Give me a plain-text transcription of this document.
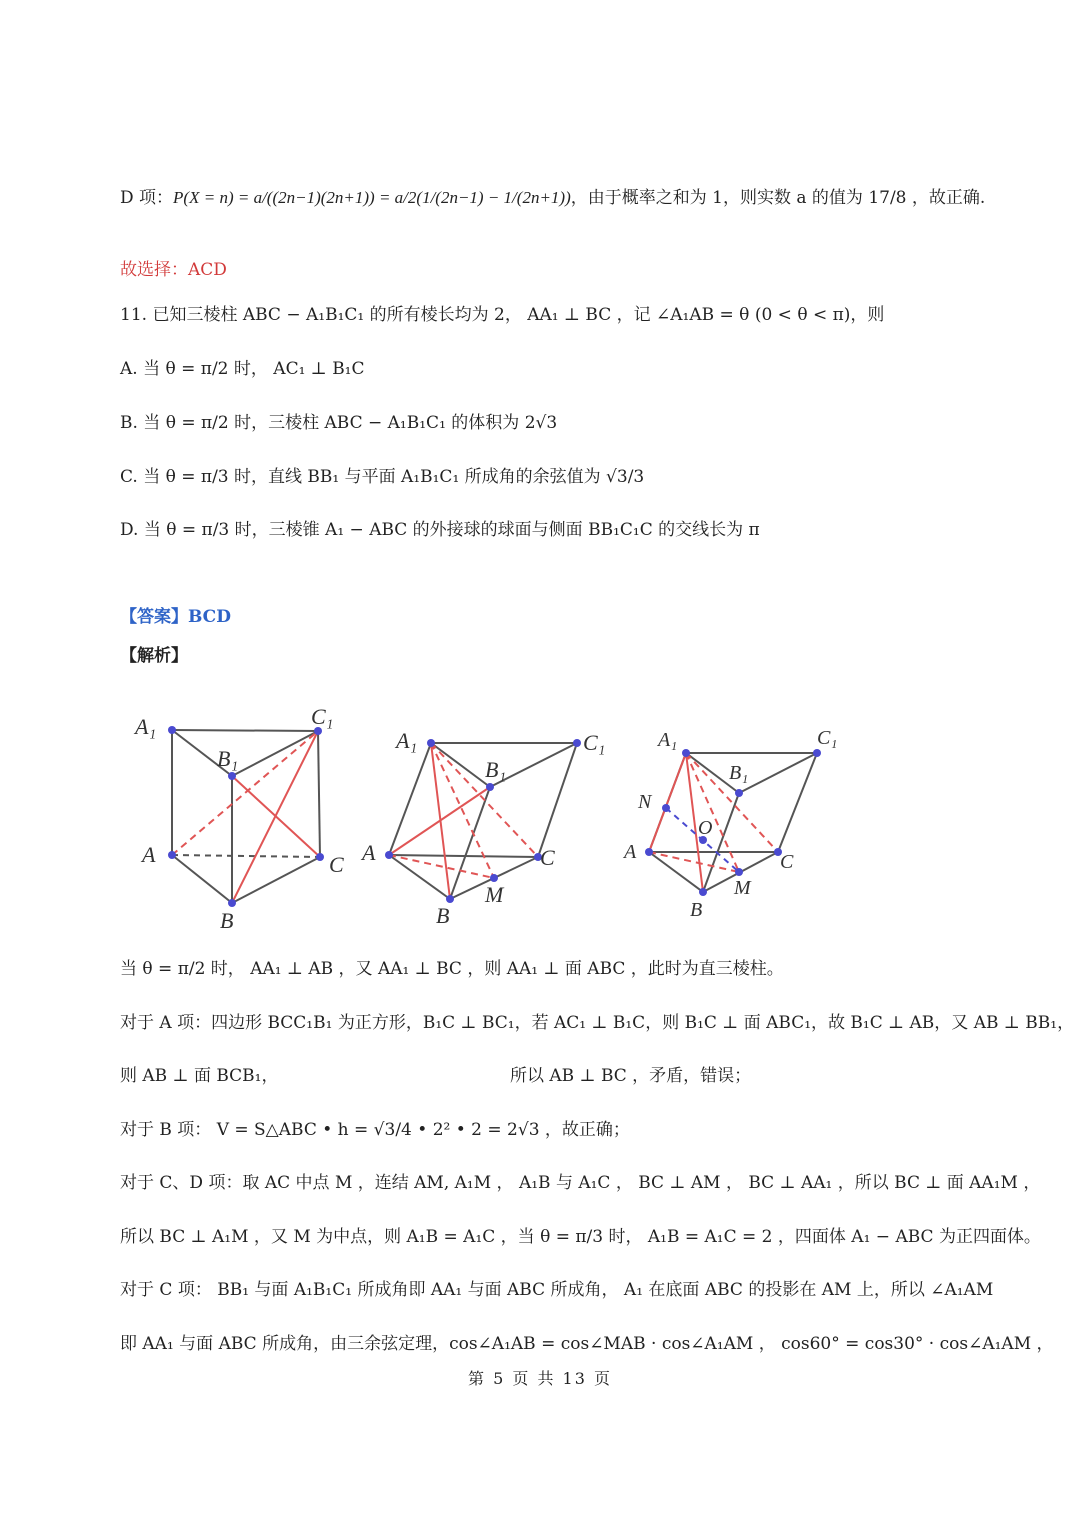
D 项：P(X = n) = a/((2n−1)(2n+1)) = a/2(1/(2n−1) − 1/(2n+1))，由于概率之和为 1，则实数 a 的值为 17/8 ，故正确.
故选择：ACD
11. 已知三棱柱 ABC − A₁B₁C₁ 的所有棱长均为 2， AA₁ ⊥ BC ，记 ∠A₁AB = θ (0 < θ < π)，则
A. 当 θ = π/2 时， AC₁ ⊥ B₁C
B. 当 θ = π/2 时，三棱柱 ABC − A₁B₁C₁ 的体积为 2√3
C. 当 θ = π/3 时，直线 BB₁ 与平面 A₁B₁C₁ 所成角的余弦值为 √3/3
D. 当 θ = π/3 时，三棱锥 A₁ − ABC 的外接球的球面与侧面 BB₁C₁C 的交线长为 π
【答案】BCD
【解析】
A₁	C₁
B₁
A	C
B
A₁	C₁
B₁
A	C
B
M
A₁	C₁
B₁
N
O
A	C
M
B
当 θ = π/2 时， AA₁ ⊥ AB ，又 AA₁ ⊥ BC ，则 AA₁ ⊥ 面 ABC ，此时为直三棱柱。
对于 A 项：四边形 BCC₁B₁ 为正方形，B₁C ⊥ BC₁，若 AC₁ ⊥ B₁C，则 B₁C ⊥ 面 ABC₁，故 B₁C ⊥ AB，又 AB ⊥ BB₁，
则 AB ⊥ 面 BCB₁，	所以 AB ⊥ BC ，矛盾，错误；
对于 B 项： V = S△ABC • h = √3/4 • 2² • 2 = 2√3 ，故正确；
对于 C、D 项：取 AC 中点 M ，连结 AM, A₁M ， A₁B 与 A₁C ， BC ⊥ AM ， BC ⊥ AA₁ ，所以 BC ⊥ 面 AA₁M ，
所以 BC ⊥ A₁M ，又 M 为中点，则 A₁B = A₁C ，当 θ = π/3 时， A₁B = A₁C = 2 ，四面体 A₁ − ABC 为正四面体。
对于 C 项： BB₁ 与面 A₁B₁C₁ 所成角即 AA₁ 与面 ABC 所成角， A₁ 在底面 ABC 的投影在 AM 上，所以 ∠A₁AM
即 AA₁ 与面 ABC 所成角，由三余弦定理，cos∠A₁AB = cos∠MAB · cos∠A₁AM ， cos60° = cos30° · cos∠A₁AM ，
第 5 页 共 13 页
